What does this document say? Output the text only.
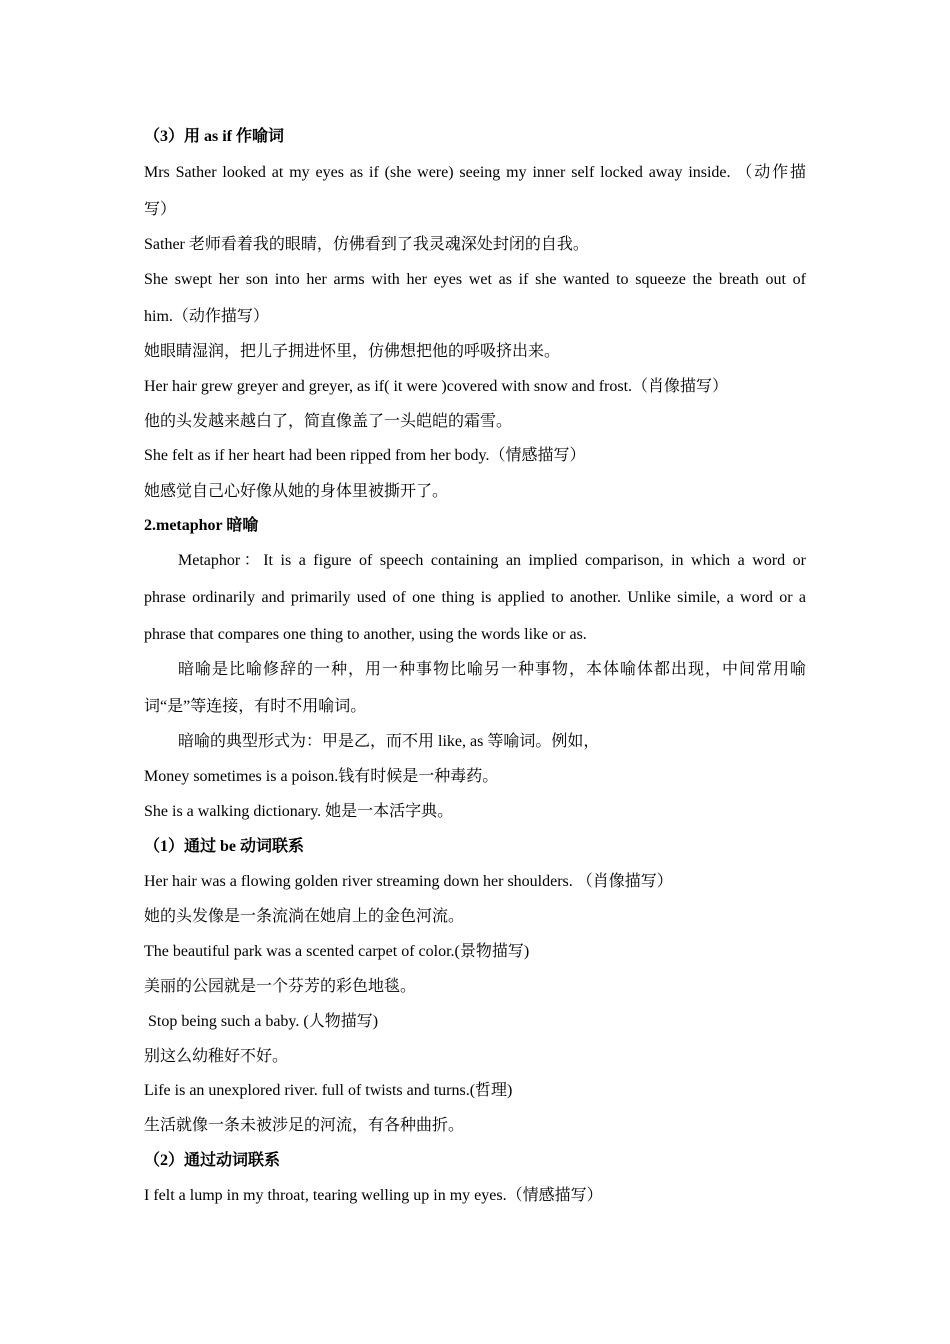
（3）用 as if 作喻词
Mrs Sather looked at my eyes as if (she were) seeing my inner self locked away inside. （动作描
写）
Sather 老师看着我的眼睛，仿佛看到了我灵魂深处封闭的自我。
She swept her son into her arms with her eyes wet as if she wanted to squeeze the breath out of
him.（动作描写）
她眼睛湿润，把儿子拥进怀里，仿佛想把他的呼吸挤出来。
Her hair grew greyer and greyer, as if( it were )covered with snow and frost.（肖像描写）
他的头发越来越白了，简直像盖了一头皑皑的霜雪。
She felt as if her heart had been ripped from her body.（情感描写）
她感觉自己心好像从她的身体里被撕开了。
2.metaphor 暗喻
Metaphor：It is a figure of speech containing an implied comparison, in which a word or
phrase ordinarily and primarily used of one thing is applied to another. Unlike simile, a word or a
phrase that compares one thing to another, using the words like or as.
暗喻是比喻修辞的一种，用一种事物比喻另一种事物，本体喻体都出现，中间常用喻
词“是”等连接，有时不用喻词。
暗喻的典型形式为：甲是乙，而不用 like, as 等喻词。例如，
Money sometimes is a poison.钱有时候是一种毒药。
She is a walking dictionary. 她是一本活字典。
（1）通过 be 动词联系
Her hair was a flowing golden river streaming down her shoulders. （肖像描写）
她的头发像是一条流淌在她肩上的金色河流。
The beautiful park was a scented carpet of color.(景物描写)
美丽的公园就是一个芬芳的彩色地毯。
Stop being such a baby. (人物描写)
别这么幼稚好不好。
Life is an unexplored river. full of twists and turns.(哲理)
生活就像一条未被涉足的河流，有各种曲折。
（2）通过动词联系
I felt a lump in my throat, tearing welling up in my eyes.（情感描写）
